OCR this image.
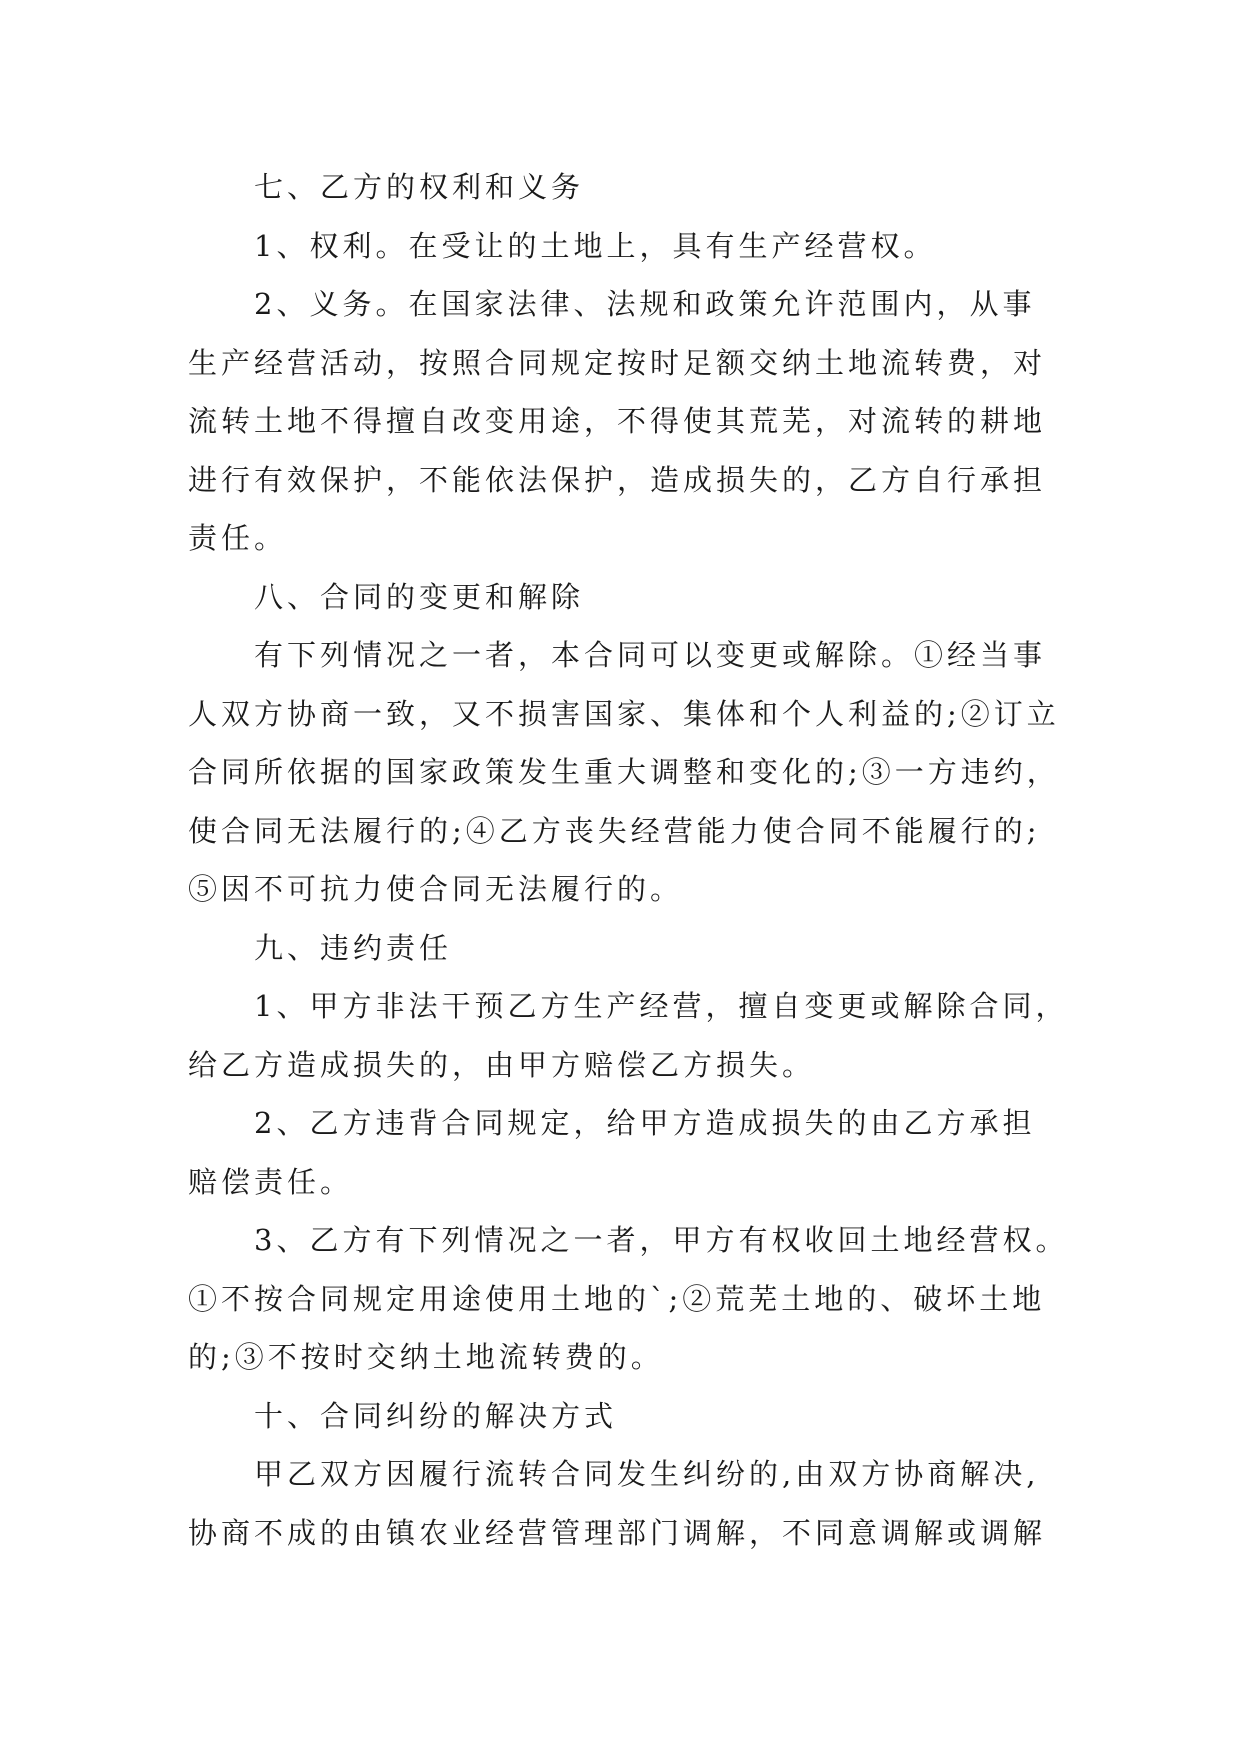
七、乙方的权利和义务
1、权利。在受让的土地上，具有生产经营权。
2、义务。在国家法律、法规和政策允许范围内，从事
生产经营活动，按照合同规定按时足额交纳土地流转费，对
流转土地不得擅自改变用途，不得使其荒芜，对流转的耕地
进行有效保护，不能依法保护，造成损失的，乙方自行承担
责任。
八、合同的变更和解除
有下列情况之一者，本合同可以变更或解除。①经当事
人双方协商一致，又不损害国家、集体和个人利益的;②订立
合同所依据的国家政策发生重大调整和变化的;③一方违约，
使合同无法履行的;④乙方丧失经营能力使合同不能履行的;
⑤因不可抗力使合同无法履行的。
九、违约责任
1、甲方非法干预乙方生产经营，擅自变更或解除合同，
给乙方造成损失的，由甲方赔偿乙方损失。
2、乙方违背合同规定，给甲方造成损失的由乙方承担
赔偿责任。
3、乙方有下列情况之一者，甲方有权收回土地经营权。
①不按合同规定用途使用土地的`;②荒芜土地的、破坏土地
的;③不按时交纳土地流转费的。
十、合同纠纷的解决方式
甲乙双方因履行流转合同发生纠纷的,由双方协商解决,
协商不成的由镇农业经营管理部门调解，不同意调解或调解
